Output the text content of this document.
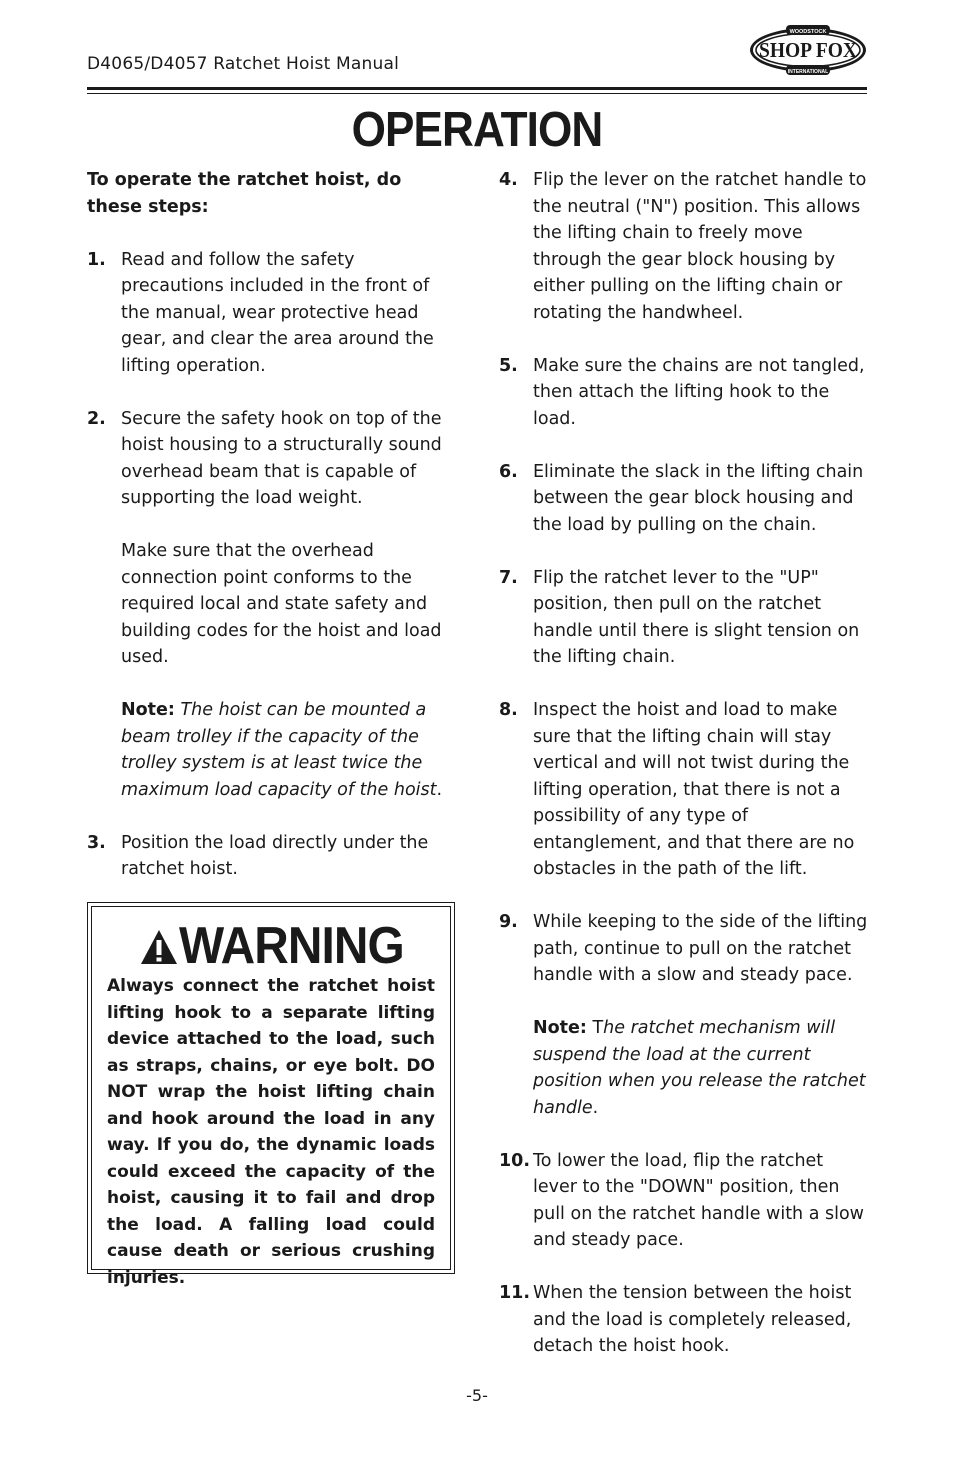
D4065/D4057 Ratchet Hoist Manual
SHOP FOX
WOODSTOCK
INTERNATIONAL
OPERATION

To operate the ratchet hoist, do these steps:

1. Read and follow the safety precautions included in the front of the manual, wear protective head gear, and clear the area around the lifting operation.

2. Secure the safety hook on top of the hoist housing to a structurally sound overhead beam that is capable of supporting the load weight.

Make sure that the overhead connection point conforms to the required local and state safety and building codes for the hoist and load used.

Note: The hoist can be mounted a beam trolley if the capacity of the trolley system is at least twice the maximum load capacity of the hoist.

3. Position the load directly under the ratchet hoist.

WARNING
Always connect the ratchet hoist lifting hook to a separate lifting device attached to the load, such as straps, chains, or eye bolt. DO NOT wrap the hoist lifting chain and hook around the load in any way. If you do, the dynamic loads could exceed the capacity of the hoist, causing it to fail and drop the load. A falling load could cause death or serious crushing injuries.
4. Flip the lever on the ratchet handle to the neutral ("N") position. This allows the lifting chain to freely move through the gear block housing by either pulling on the lifting chain or rotating the handwheel.

5. Make sure the chains are not tangled, then attach the lifting hook to the load.

6. Eliminate the slack in the lifting chain between the gear block housing and the load by pulling on the chain.

7. Flip the ratchet lever to the "UP" position, then pull on the ratchet handle until there is slight tension on the lifting chain.

8. Inspect the hoist and load to make sure that the lifting chain will stay vertical and will not twist during the lifting operation, that there is not a possibility of any type of entanglement, and that there are no obstacles in the path of the lift.

9. While keeping to the side of the lifting path, continue to pull on the ratchet handle with a slow and steady pace.

Note: The ratchet mechanism will suspend the load at the current position when you release the ratchet handle.

10. To lower the load, flip the ratchet lever to the "DOWN" position, then pull on the ratchet handle with a slow and steady pace.

11. When the tension between the hoist and the load is completely released, detach the hoist hook.

-5-
